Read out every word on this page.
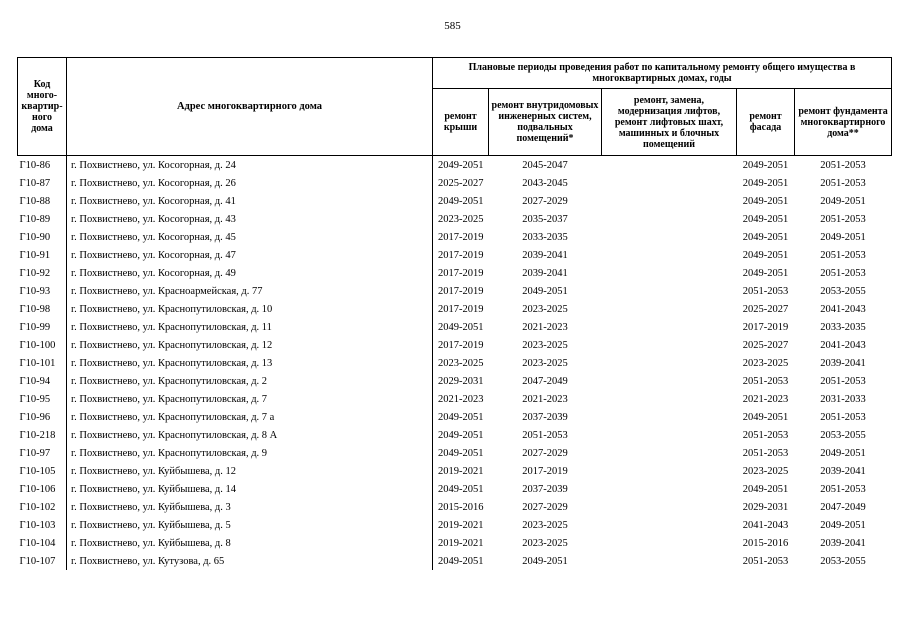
585
Код много-квартир-ного дома	Адрес многоквартирного дома	Плановые периоды проведения работ по капитальному ремонту общего имущества в многоквартирных домах, годы				
		ремонт крыши	ремонт внутридомовых инженерных систем, подвальных помещений*	ремонт, замена, модернизация лифтов, ремонт лифтовых шахт, машинных и блочных помещений	ремонт фасада	ремонт фундамента многоквартирного дома**
Г10-86	г. Похвистнево, ул. Косогорная, д. 24	2049-2051	2045-2047		2049-2051	2051-2053
Г10-87	г. Похвистнево, ул. Косогорная, д. 26	2025-2027	2043-2045		2049-2051	2051-2053
Г10-88	г. Похвистнево, ул. Косогорная, д. 41	2049-2051	2027-2029		2049-2051	2049-2051
Г10-89	г. Похвистнево, ул. Косогорная, д. 43	2023-2025	2035-2037		2049-2051	2051-2053
Г10-90	г. Похвистнево, ул. Косогорная, д. 45	2017-2019	2033-2035		2049-2051	2049-2051
Г10-91	г. Похвистнево, ул. Косогорная, д. 47	2017-2019	2039-2041		2049-2051	2051-2053
Г10-92	г. Похвистнево, ул. Косогорная, д. 49	2017-2019	2039-2041		2049-2051	2051-2053
Г10-93	г. Похвистнево, ул. Красноармейская, д. 77	2017-2019	2049-2051		2051-2053	2053-2055
Г10-98	г. Похвистнево, ул. Краснопутиловская, д. 10	2017-2019	2023-2025		2025-2027	2041-2043
Г10-99	г. Похвистнево, ул. Краснопутиловская, д. 11	2049-2051	2021-2023		2017-2019	2033-2035
Г10-100	г. Похвистнево, ул. Краснопутиловская, д. 12	2017-2019	2023-2025		2025-2027	2041-2043
Г10-101	г. Похвистнево, ул. Краснопутиловская, д. 13	2023-2025	2023-2025		2023-2025	2039-2041
Г10-94	г. Похвистнево, ул. Краснопутиловская, д. 2	2029-2031	2047-2049		2051-2053	2051-2053
Г10-95	г. Похвистнево, ул. Краснопутиловская, д. 7	2021-2023	2021-2023		2021-2023	2031-2033
Г10-96	г. Похвистнево, ул. Краснопутиловская, д. 7 а	2049-2051	2037-2039		2049-2051	2051-2053
Г10-218	г. Похвистнево, ул. Краснопутиловская, д. 8 А	2049-2051	2051-2053		2051-2053	2053-2055
Г10-97	г. Похвистнево, ул. Краснопутиловская, д. 9	2049-2051	2027-2029		2051-2053	2049-2051
Г10-105	г. Похвистнево, ул. Куйбышева, д. 12	2019-2021	2017-2019		2023-2025	2039-2041
Г10-106	г. Похвистнево, ул. Куйбышева, д. 14	2049-2051	2037-2039		2049-2051	2051-2053
Г10-102	г. Похвистнево, ул. Куйбышева, д. 3	2015-2016	2027-2029		2029-2031	2047-2049
Г10-103	г. Похвистнево, ул. Куйбышева, д. 5	2019-2021	2023-2025		2041-2043	2049-2051
Г10-104	г. Похвистнево, ул. Куйбышева, д. 8	2019-2021	2023-2025		2015-2016	2039-2041
Г10-107	г. Похвистнево, ул. Кутузова, д. 65	2049-2051	2049-2051		2051-2053	2053-2055
